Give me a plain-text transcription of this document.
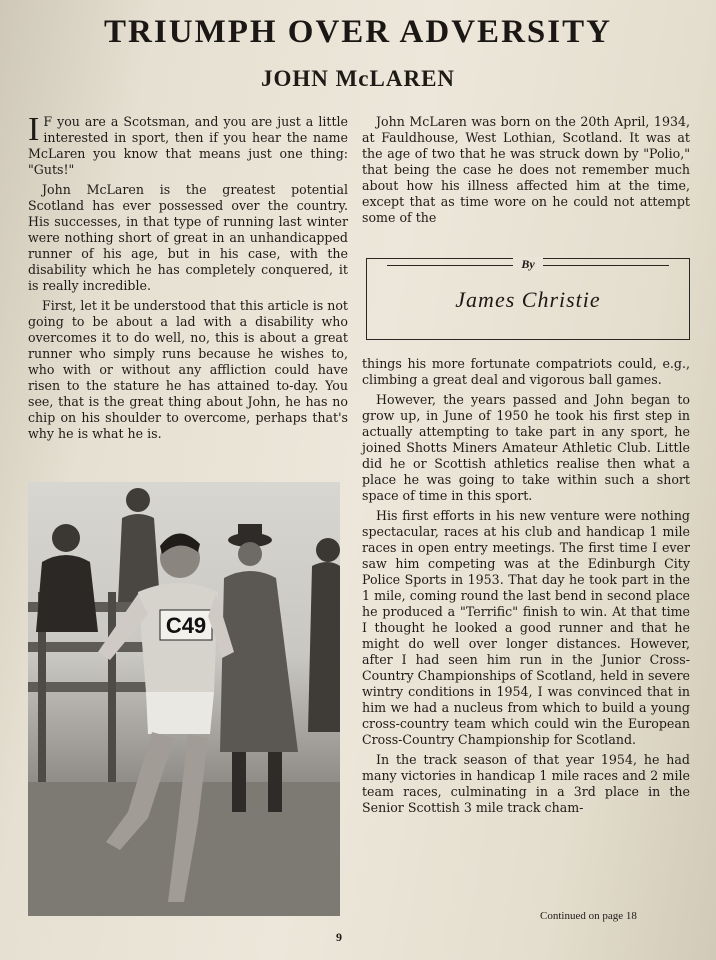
TRIUMPH OVER ADVERSITY
JOHN McLAREN

I F you are a Scotsman, and you are just a little interested in sport, then if you hear the name McLaren you know that means just one thing: "Guts!"

John McLaren is the greatest potential Scotland has ever possessed over the country. His successes, in that type of running last winter were nothing short of great in an unhandicapped runner of his age, but in his case, with the disability which he has completely conquered, it is really incredible.

First, let it be understood that this article is not going to be about a lad with a disability who overcomes it to do well, no, this is about a great runner who simply runs because he wishes to, who with or without any affliction could have risen to the stature he has attained to-day. You see, that is the great thing about John, he has no chip on his shoulder to overcome, perhaps that's why he is what he is.

John McLaren was born on the 20th April, 1934, at Fauldhouse, West Lothian, Scotland. It was at the age of two that he was struck down by "Polio," that being the case he does not remember much about how his illness affected him at the time, except that as time wore on he could not attempt some of the

By
James Christie

things his more fortunate compatriots could, e.g., climbing a great deal and vigorous ball games.

However, the years passed and John began to grow up, in June of 1950 he took his first step in actually attempting to take part in any sport, he joined Shotts Miners Amateur Athletic Club. Little did he or Scottish athletics realise then what a place he was going to take within such a short space of time in this sport.

His first efforts in his new venture were nothing spectacular, races at his club and handicap 1 mile races in open entry meetings. The first time I ever saw him competing was at the Edinburgh City Police Sports in 1953. That day he took part in the 1 mile, coming round the last bend in second place he produced a "Terrific" finish to win. At that time I thought he looked a good runner and that he might do well over longer distances. However, after I had seen him run in the Junior Cross-Country Championships of Scotland, held in severe wintry conditions in 1954, I was convinced that in him we had a nucleus from which to build a young cross-country team which could win the European Cross-Country Championship for Scotland.

In the track season of that year 1954, he had many victories in handicap 1 mile races and 2 mile team races, culminating in a 3rd place in the Senior Scottish 3 mile track cham-

C49
Continued on page 18
9
